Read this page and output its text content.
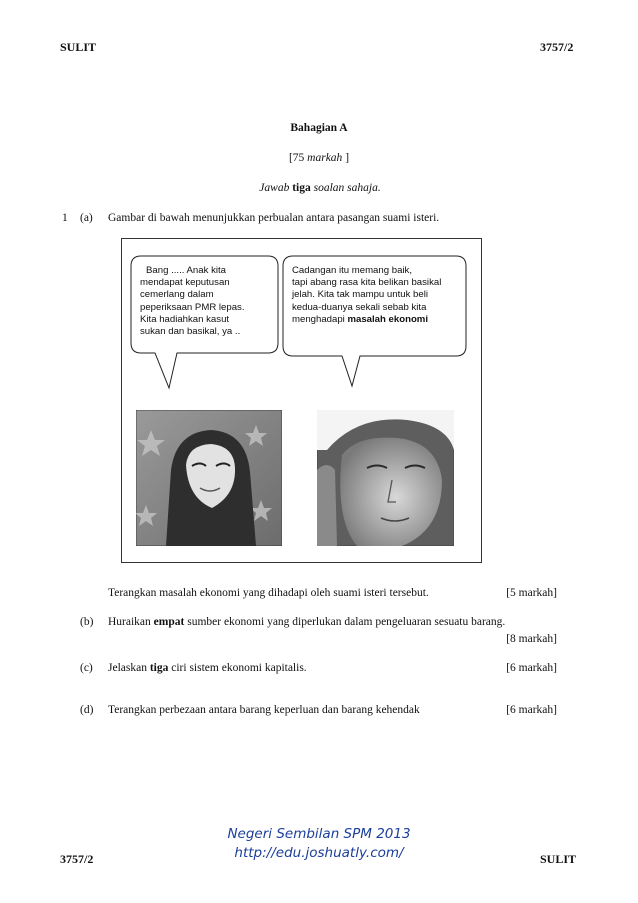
SULIT	3757/2
Bahagian A
[75 markah ]
Jawab tiga soalan sahaja.
1 (a) Gambar di bawah menunjukkan perbualan antara pasangan suami isteri.
Bang ..... Anak kita
mendapat keputusan
cemerlang dalam
peperiksaan PMR lepas.
Kita hadiahkan kasut
sukan dan basikal, ya ..
Cadangan itu memang baik,
tapi abang rasa kita belikan basikal
jelah. Kita tak mampu untuk beli
kedua-duanya sekali sebab kita
menghadapi masalah ekonomi
Terangkan masalah ekonomi yang dihadapi oleh suami isteri tersebut.	[5 markah]
(b) Huraikan empat sumber ekonomi yang diperlukan dalam pengeluaran sesuatu barang.
[8 markah]
(c) Jelaskan tiga ciri sistem ekonomi kapitalis.	[6 markah]
(d) Terangkan perbezaan antara barang keperluan dan barang kehendak	[6 markah]
Negeri Sembilan SPM 2013
http://edu.joshuatly.com/
3757/2	SULIT
